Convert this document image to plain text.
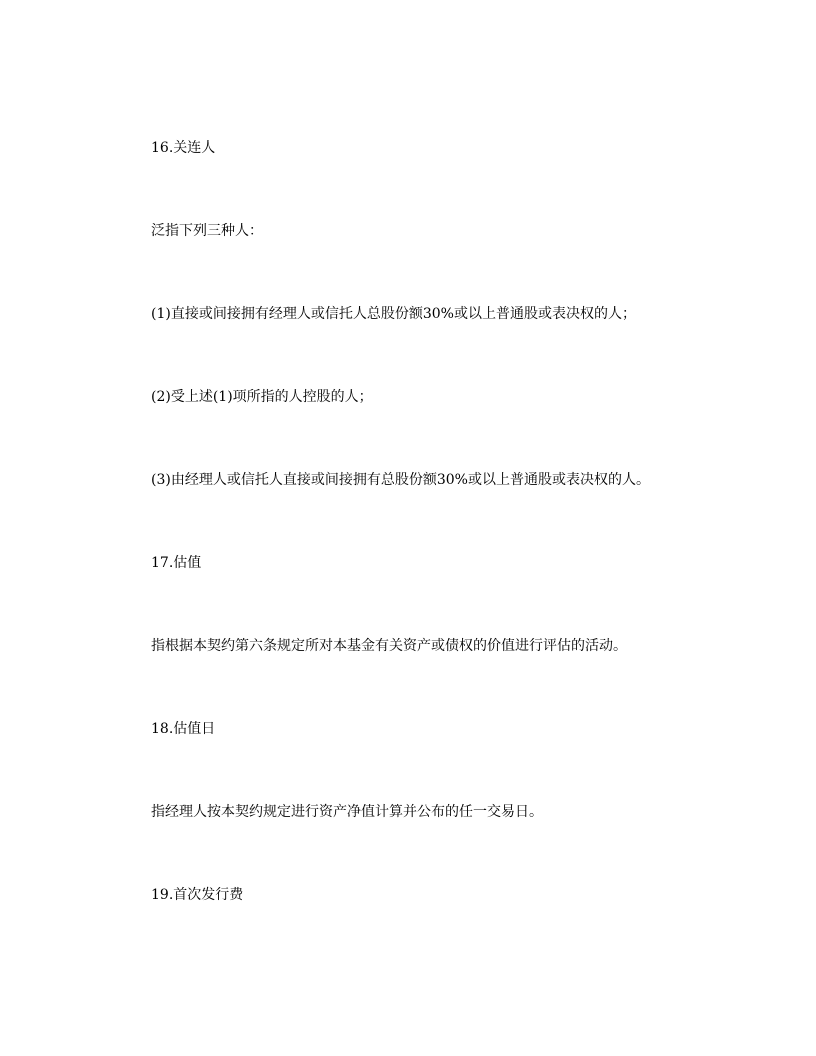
16.关连人
泛指下列三种人：
(1)直接或间接拥有经理人或信托人总股份额30%或以上普通股或表决权的人；
(2)受上述(1)项所指的人控股的人；
(3)由经理人或信托人直接或间接拥有总股份额30%或以上普通股或表决权的人。
17.估值
指根据本契约第六条规定所对本基金有关资产或债权的价值进行评估的活动。
18.估值日
指经理人按本契约规定进行资产净值计算并公布的任一交易日。
19.首次发行费
